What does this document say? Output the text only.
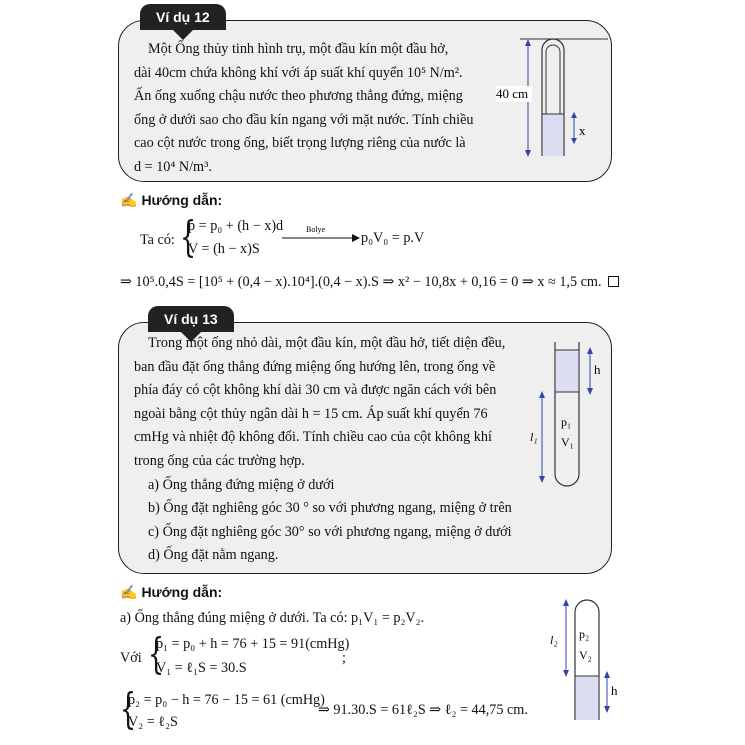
Ví dụ 12
Một Ống thủy tinh hình trụ, một đầu kín một đầu hở,
dài 40cm chứa không khí với áp suất khí quyển 10⁵ N/m².
Ấn ống xuống chậu nước theo phương thẳng đứng, miệng
ống ở dưới sao cho đầu kín ngang với mặt nước. Tính chiều
cao cột nước trong ống, biết trọng lượng riêng của nước là
d = 10⁴ N/m³.
40 cm
x
✍ Hướng dẫn:
Ta có: {
p = p₀ + (h − x)d
V = (h − x)S
Bolye
p₀V₀ = p.V
⇒ 10⁵.0,4S = [10⁵ + (0,4 − x).10⁴].(0,4 − x).S ⇒ x² − 10,8x + 0,16 = 0 ⇒ x ≈ 1,5 cm.
Ví dụ 13
Trong một ống nhỏ dài, một đầu kín, một đầu hở, tiết diện đều,
ban đầu đặt ống thẳng đứng miệng ống hướng lên, trong ống về
phía đáy có cột không khí dài 30 cm và được ngăn cách với bên
ngoài bằng cột thủy ngân dài h = 15 cm. Áp suất khí quyển 76
cmHg và nhiệt độ không đổi. Tính chiều cao của cột không khí
trong ống của các trường hợp.
a) Ống thẳng đứng miệng ở dưới
b) Ống đặt nghiêng góc 30 ° so với phương ngang, miệng ở trên
c) Ống đặt nghiêng góc 30° so với phương ngang, miệng ở dưới
d) Ống đặt nằm ngang.
h
l₁
p₁
V₁
✍ Hướng dẫn:
a) Ống thẳng đúng miệng ở dưới. Ta có: p₁V₁ = p₂V₂.
Với {
p₁ = p₀ + h = 76 + 15 = 91(cmHg)
V₁ = ℓ₁S = 30.S
;
{
p₂ = p₀ − h = 76 − 15 = 61 (cmHg)
V₂ = ℓ₂S
⇒ 91.30.S = 61ℓ₂S ⇒ ℓ₂ = 44,75 cm.
l₂ p₂
V₂
h
